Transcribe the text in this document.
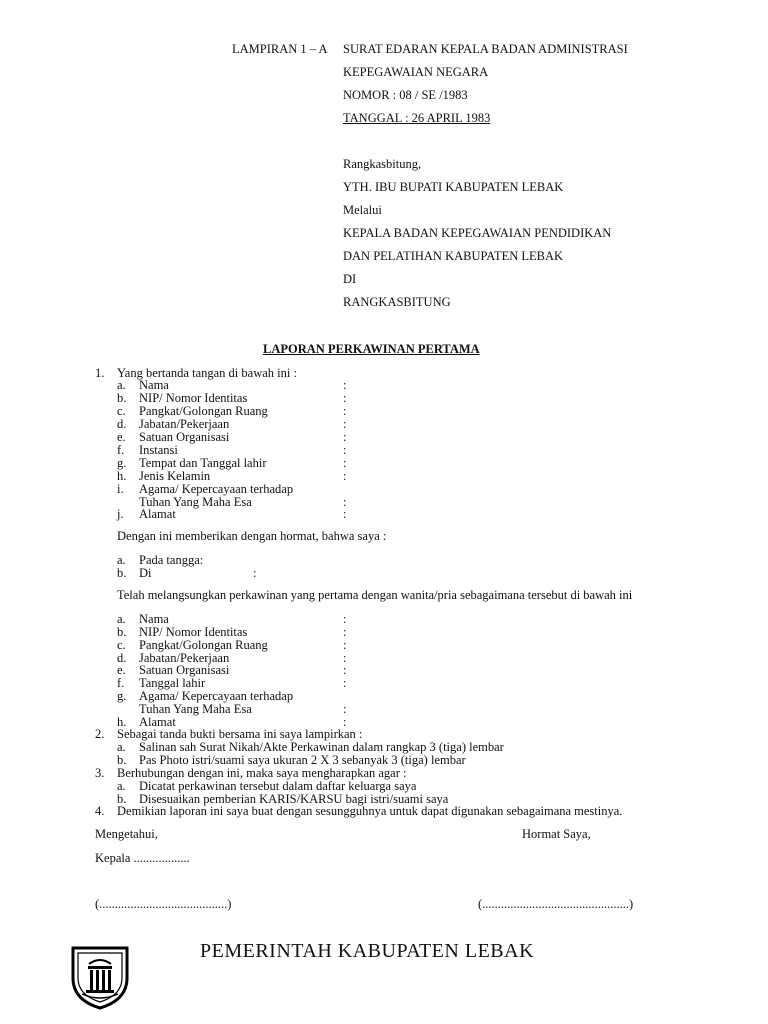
LAMPIRAN 1 – A SURAT EDARAN KEPALA BADAN ADMINISTRASI
KEPEGAWAIAN NEGARA
NOMOR : 08 / SE /1983
TANGGAL : 26 APRIL 1983
Rangkasbitung,
YTH. IBU BUPATI KABUPATEN LEBAK
Melalui
KEPALA BADAN KEPEGAWAIAN PENDIDIKAN
DAN PELATIHAN KABUPATEN LEBAK
DI
RANGKASBITUNG
LAPORAN PERKAWINAN PERTAMA
1. Yang bertanda tangan di bawah ini :
a. Nama	:
b. NIP/ Nomor Identitas	:
c. Pangkat/Golongan Ruang	:
d. Jabatan/Pekerjaan	:
e. Satuan Organisasi	:
f. Instansi	:
g. Tempat dan Tanggal lahir	:
h. Jenis Kelamin	:
i. Agama/ Kepercayaan terhadap
Tuhan Yang Maha Esa	:
j. Alamat	:
Dengan ini memberikan dengan hormat, bahwa saya :
a. Pada tangga:
b. Di	:
Telah melangsungkan perkawinan yang pertama dengan wanita/pria sebagaimana tersebut di bawah ini
a. Nama	:
b. NIP/ Nomor Identitas	:
c. Pangkat/Golongan Ruang	:
d. Jabatan/Pekerjaan	:
e. Satuan Organisasi	:
f. Tanggal lahir	:
g. Agama/ Kepercayaan terhadap
Tuhan Yang Maha Esa	:
h. Alamat	:
2. Sebagai tanda bukti bersama ini saya lampirkan :
a. Salinan sah Surat Nikah/Akte Perkawinan dalam rangkap 3 (tiga) lembar
b. Pas Photo istri/suami saya ukuran 2 X 3 sebanyak 3 (tiga) lembar
3. Berhubungan dengan ini, maka saya mengharapkan agar :
a. Dicatat perkawinan tersebut dalam daftar keluarga saya
b. Disesuaikan pemberian KARIS/KARSU bagi istri/suami saya
4. Demikian laporan ini saya buat dengan sesungguhnya untuk dapat digunakan sebagaimana mestinya.
Mengetahui,	Hormat Saya,
Kepala ..................
(.........................................)	(...............................................)
PEMERINTAH KABUPATEN LEBAK
